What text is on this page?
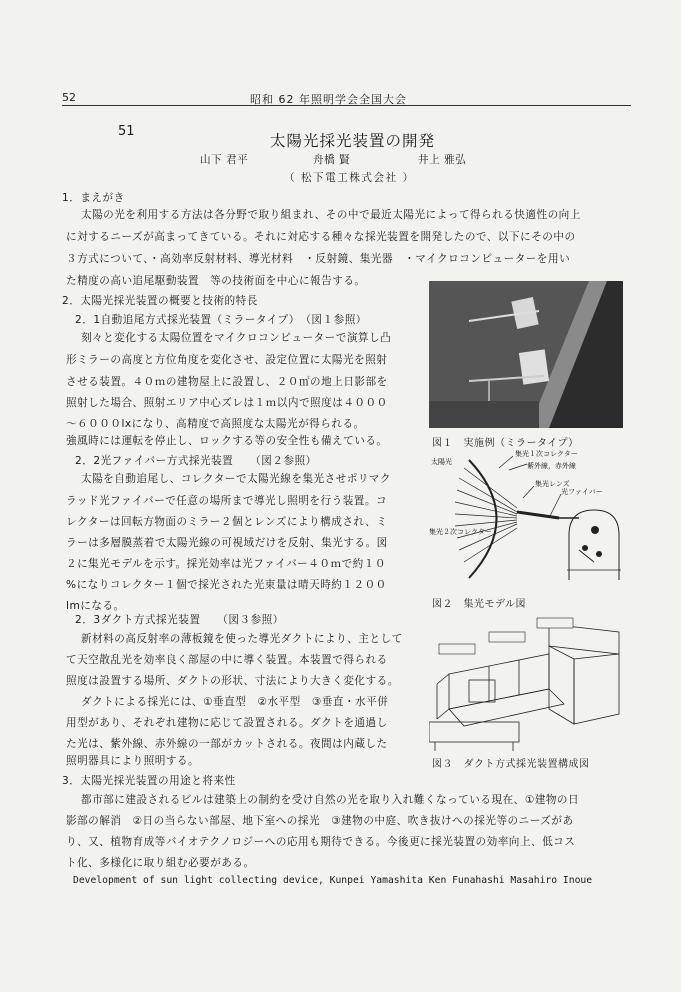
52	昭和 62 年照明学会全国大会
51
太陽光採光装置の開発
山下 君平	舟橋 賢	井上 雅弘
（ 松下電工株式会社 ）
1．まえがき
太陽の光を利用する方法は各分野で取り組まれ、その中で最近太陽光によって得られる快適性の向上
に対するニーズが高まってきている。それに対応する種々な採光装置を開発したので、以下にその中の
３方式について、・高効率反射材料、導光材料　・反射鏡、集光器　・マイクロコンピューターを用い
た精度の高い追尾駆動装置　等の技術面を中心に報告する。
2．太陽光採光装置の概要と技術的特長
2．1自動追尾方式採光装置（ミラータイプ）　（図１参照）
刻々と変化する太陽位置をマイクロコンピューターで演算し凸
形ミラーの高度と方位角度を変化させ、設定位置に太陽光を照射
させる装置。４０ｍの建物屋上に設置し、２０㎡の地上日影部を
照射した場合、照射エリア中心ズレは１ｍ以内で照度は４０００
～６０００lxになり、高精度で高照度な太陽光が得られる。
強風時には運転を停止し、ロックする等の安全性も備えている。
2．2光ファイバー方式採光装置　　（図２参照）
太陽を自動追尾し、コレクターで太陽光線を集光させポリマク
ラッド光ファイバーで任意の場所まで導光し照明を行う装置。コ
レクターは回転方物面のミラー２個とレンズにより構成され、ミ
ラーは多層膜蒸着で太陽光線の可視域だけを反射、集光する。図
２に集光モデルを示す。採光効率は光ファイバー４０ｍで約１０
%になりコレクター１個で採光された光束量は晴天時約１２００
lmになる。
2．3ダクト方式採光装置　　（図３参照）
新材料の高反射率の薄板鏡を使った導光ダクトにより、主として
て天空散乱光を効率良く部屋の中に導く装置。本装置で得られる
照度は設置する場所、ダクトの形状、寸法により大きく変化する。
ダクトによる採光には、①垂直型　②水平型　③垂直・水平併
用型があり、それぞれ建物に応じて設置される。ダクトを通過し
た光は、紫外線、赤外線の一部がカットされる。夜間は内蔵した
照明器具により照明する。
3．太陽光採光装置の用途と将来性
都市部に建設されるビルは建築上の制約を受け自然の光を取り入れ難くなっている現在、①建物の日
影部の解消　②日の当らない部屋、地下室への採光　③建物の中庭、吹き抜けへの採光等のニーズがあ
り、又、植物育成等バイオテクノロジーへの応用も期待できる。今後更に採光装置の効率向上、低コス
ト化、多様化に取り組む必要がある。
Development of sun light collecting device, Kunpei Yamashita Ken Funahashi Masahiro Inoue
図１　実施例（ミラータイプ）
太陽光
集光１次コレクター
紫外線，赤外線
集光レンズ
光ファイバー
集光２次コレクター
図２　集光モデル図
図３　ダクト方式採光装置構成図
